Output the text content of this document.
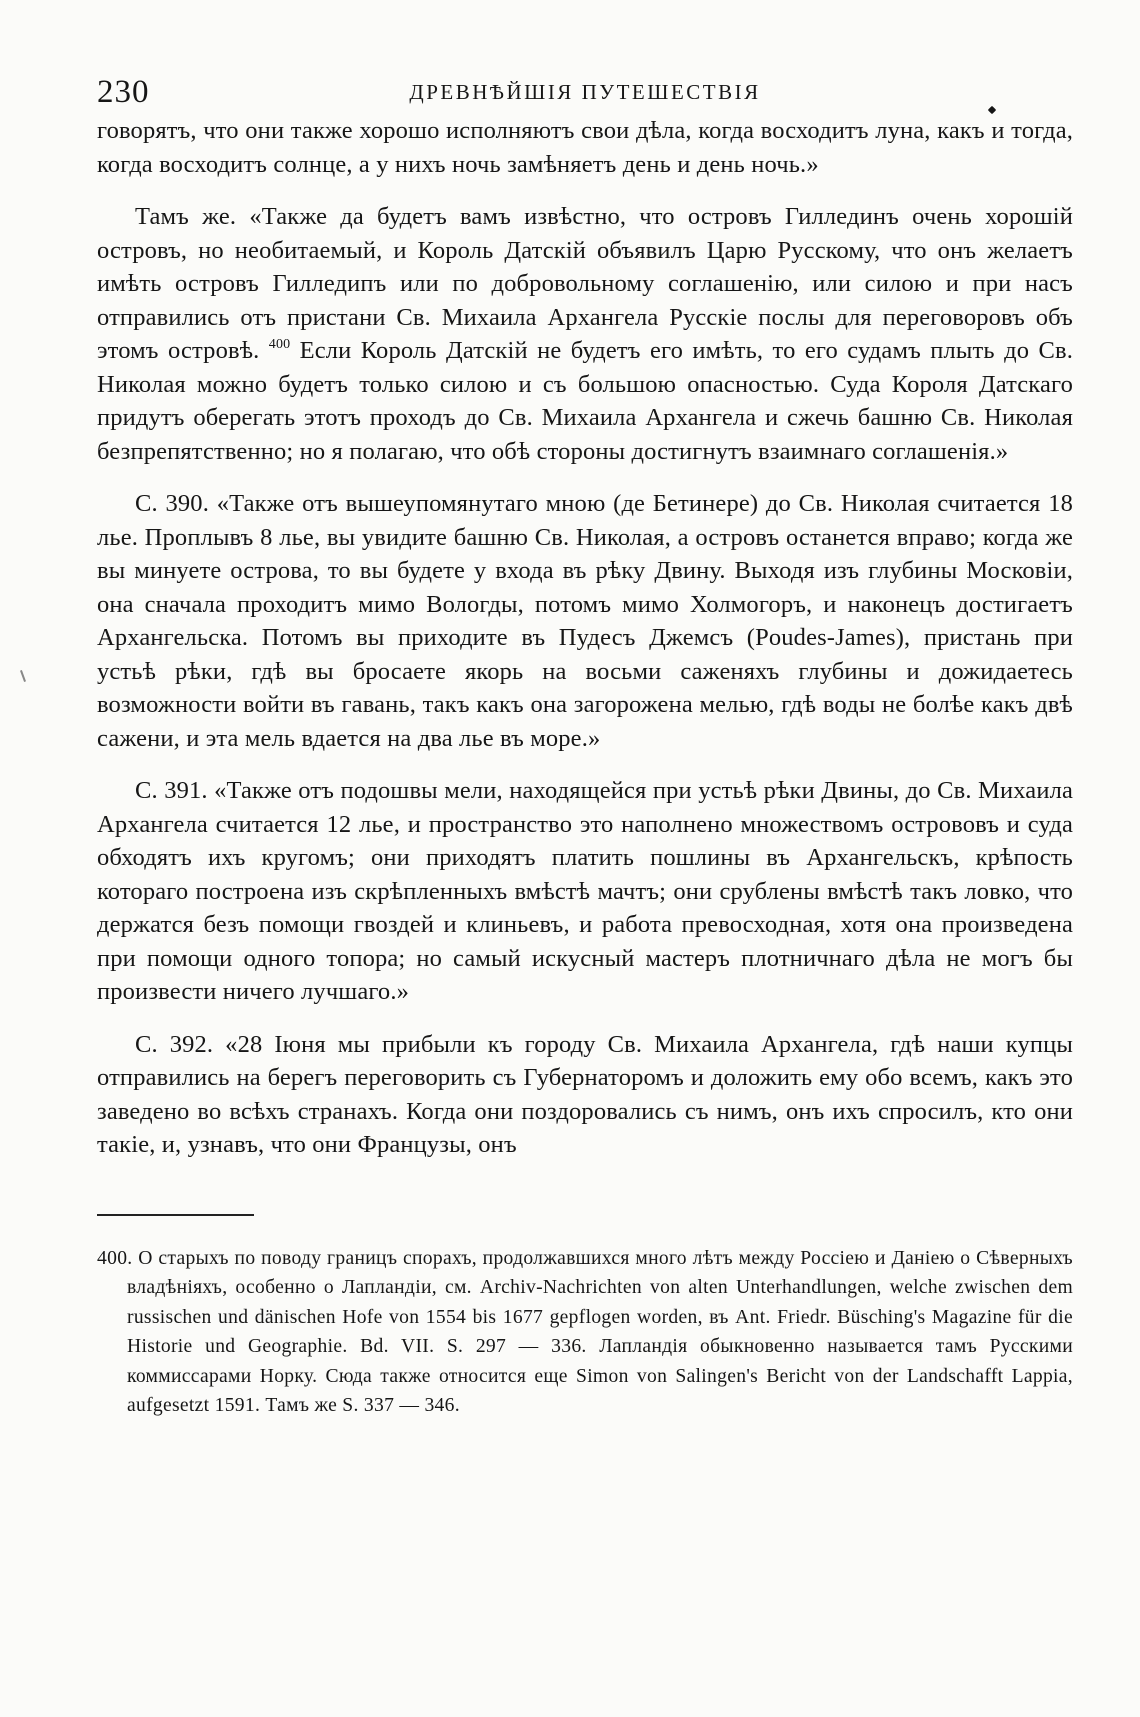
230	ДРЕВНѢЙШІЯ ПУТЕШЕСТВІЯ

говорятъ, что они также хорошо исполняютъ свои дѣла, когда восходитъ луна, какъ и тогда, когда восходитъ солнце, а у нихъ ночь замѣняетъ день и день ночь.»

Тамъ же. «Также да будетъ вамъ извѣстно, что островъ Гиллединъ очень хорошій островъ, но необитаемый, и Король Датскій объявилъ Царю Русскому, что онъ желаетъ имѣть островъ Гилледипъ или по добровольному соглашенію, или силою и при насъ отправились отъ пристани Св. Михаила Архангела Русскіе послы для переговоровъ объ этомъ островѣ. $^{400}$ Если Король Датскій не будетъ его имѣть, то его судамъ плыть до Св. Николая можно будетъ только силою и съ большою опасностью. Суда Короля Датскаго придутъ оберегать этотъ проходъ до Св. Михаила Архангела и сжечь башню Св. Николая безпрепятственно; но я полагаю, что обѣ стороны достигнутъ взаимнаго соглашенія.»

С. 390. «Также отъ вышеупомянутаго мною (де Бетинере) до Св. Николая считается 18 лье. Проплывъ 8 лье, вы увидите башню Св. Николая, а островъ останется вправо; когда же вы минуете острова, то вы будете у входа въ рѣку Двину. Выходя изъ глубины Московіи, она сначала проходитъ мимо Вологды, потомъ мимо Холмогоръ, и наконецъ достигаетъ Архангельска. Потомъ вы приходите въ Пудесъ Джемсъ (Poudes-James), пристань при устьѣ рѣки, гдѣ вы бросаете якорь на восьми саженяхъ глубины и дожидаетесь возможности войти въ гавань, такъ какъ она загорожена мелью, гдѣ воды не болѣе какъ двѣ сажени, и эта мель вдается на два лье въ море.»

С. 391. «Также отъ подошвы мели, находящейся при устьѣ рѣки Двины, до Св. Михаила Архангела считается 12 лье, и пространство это наполнено множествомъ острововъ и суда обходятъ ихъ кругомъ; они приходятъ платить пошлины въ Архангельскъ, крѣпость котораго построена изъ скрѣпленныхъ вмѣстѣ мачтъ; они срублены вмѣстѣ такъ ловко, что держатся безъ помощи гвоздей и клиньевъ, и работа превосходная, хотя она произведена при помощи одного топора; но самый искусный мастеръ плотничнаго дѣла не могъ бы произвести ничего лучшаго.»

С. 392. «28 Іюня мы прибыли къ городу Св. Михаила Архангела, гдѣ наши купцы отправились на берегъ переговорить съ Губернаторомъ и доложить ему обо всемъ, какъ это заведено во всѣхъ странахъ. Когда они поздоровались съ нимъ, онъ ихъ спросилъ, кто они такіе, и, узнавъ, что они Французы, онъ

400. О старыхъ по поводу границъ спорахъ, продолжавшихся много лѣтъ между Россіею и Даніею о Сѣверныхъ владѣніяхъ, особенно о Лапландіи, см. Archiv-Nachrichten von alten Unterhandlungen, welche zwischen dem russischen und dänischen Hofe von 1554 bis 1677 gepflogen worden, въ Ant. Friedr. Büsching's Magazine für die Historie und Geographie. Bd. VII. S. 297 — 336. Лапландія обыкновенно называется тамъ Русскими коммиссарами Норку. Сюда также относится еще Simon von Salingen's Bericht von der Landschafft Lappia, aufgesetzt 1591. Тамъ же S. 337 — 346.
